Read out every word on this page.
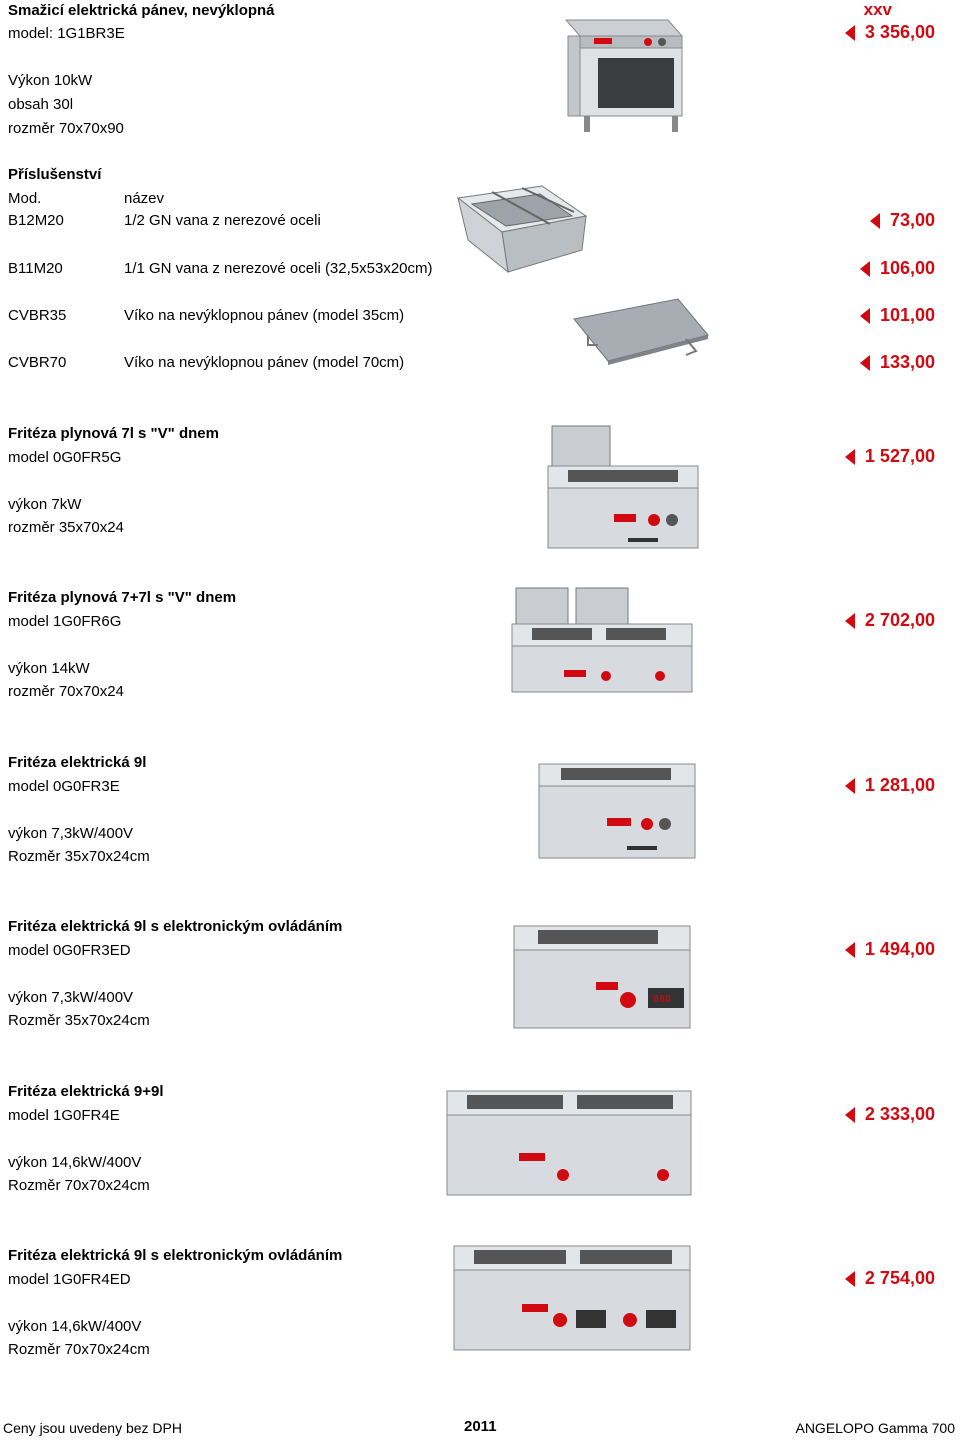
Smažicí elektrická pánev, nevýklopná	xxv
model: 1G1BR3E	3 356,00
Výkon 10kW
obsah 30l
rozměr 70x70x90
Příslušenství
Mod.	název
B12M20	1/2 GN vana z nerezové oceli	73,00
B11M20	1/1 GN vana z nerezové oceli (32,5x53x20cm)	106,00
CVBR35	Víko na nevýklopnou pánev (model 35cm)	101,00
CVBR70	Víko na nevýklopnou pánev (model 70cm)	133,00
Fritéza plynová 7l s "V" dnem
model 0G0FR5G	1 527,00
výkon 7kW
rozměr 35x70x24
Fritéza plynová 7+7l s "V" dnem
model 1G0FR6G	2 702,00
výkon 14kW
rozměr 70x70x24
Fritéza elektrická 9l
model 0G0FR3E	1 281,00
výkon 7,3kW/400V
Rozměr 35x70x24cm
Fritéza elektrická 9l s elektronickým ovládáním
model 0G0FR3ED	1 494,00
výkon 7,3kW/400V
Rozměr 35x70x24cm
888
Fritéza elektrická 9+9l
model 1G0FR4E	2 333,00
výkon 14,6kW/400V
Rozměr 70x70x24cm
Fritéza elektrická 9l s elektronickým ovládáním
model 1G0FR4ED	2 754,00
výkon 14,6kW/400V
Rozměr 70x70x24cm
Ceny jsou uvedeny bez DPH	2011	ANGELOPO Gamma 700
